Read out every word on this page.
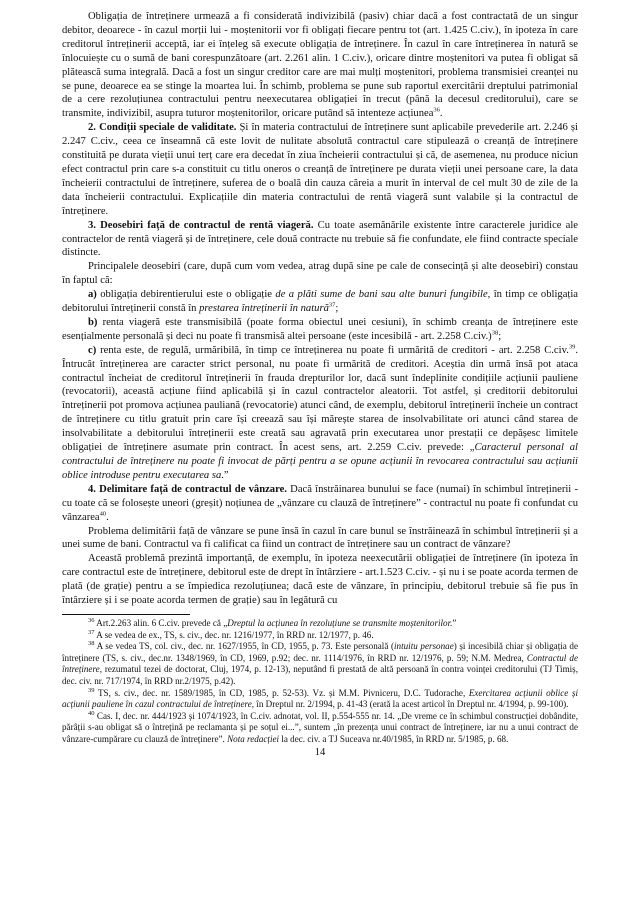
Obligația de întreținere urmează a fi considerată indivizibilă (pasiv) chiar dacă a fost contractată de un singur debitor, deoarece - în cazul morții lui - moștenitorii vor fi obligați fiecare pentru tot (art. 1.425 C.civ.), în ipoteza în care creditorul întreținerii acceptă, iar ei înțeleg să execute obligația de întreținere. În cazul în care întreținerea în natură se înlocuiește cu o sumă de bani corespunzătoare (art. 2.261 alin. 1 C.civ.), oricare dintre moștenitori va putea fi obligat să plătească suma integrală. Dacă a fost un singur creditor care are mai mulți moștenitori, problema transmisiei creanței nu se pune, deoarece ea se stinge la moartea lui. În schimb, problema se pune sub raportul exercitării dreptului patrimonial de a cere rezoluțiunea contractului pentru neexecutarea obligației în trecut (până la decesul creditorului), care se transmite, indivizibil, asupra tuturor moștenitorilor, oricare putând să intenteze acțiunea$^{36}$.

2. Condiții speciale de validitate. Și în materia contractului de întreținere sunt aplicabile prevederile art. 2.246 și 2.247 C.civ., ceea ce înseamnă că este lovit de nulitate absolută contractul care stipulează o creanță de întreținere constituită pe durata vieții unui terț care era decedat în ziua încheierii contractului și că, de asemenea, nu produce niciun efect contractul prin care s-a constituit cu titlu oneros o creanță de întreținere pe durata vieții unei persoane care, la data încheierii contractului de întreținere, suferea de o boală din cauza căreia a murit în interval de cel mult 30 de zile de la data încheierii contractului. Explicațiile din materia contractului de rentă viageră sunt valabile și la contractul de întreținere.

3. Deosebiri față de contractul de rentă viageră. Cu toate asemănările existente între caracterele juridice ale contractelor de rentă viageră și de întreținere, cele două contracte nu trebuie să fie confundate, ele fiind contracte speciale distincte.

Principalele deosebiri (care, după cum vom vedea, atrag după sine pe cale de consecință și alte deosebiri) constau în faptul că:

a) obligația debirentierului este o obligație de a plăti sume de bani sau alte bunuri fungibile, în timp ce obligația debitorului întreținerii constă în prestarea întreținerii în natură$^{37}$;

b) renta viageră este transmisibilă (poate forma obiectul unei cesiuni), în schimb creanța de întreținere este esențialmente personală și deci nu poate fi transmisă altei persoane (este incesibilă - art. 2.258 C.civ.)$^{38}$;

c) renta este, de regulă, urmăribilă, în timp ce întreținerea nu poate fi urmărită de creditori - art. 2.258 C.civ.$^{39}$. Întrucât întreținerea are caracter strict personal, nu poate fi urmărită de creditori. Aceștia din urmă însă pot ataca contractul încheiat de creditorul întreținerii în frauda drepturilor lor, dacă sunt îndeplinite condițiile acțiunii pauliene (revocatorii), această acțiune fiind aplicabilă și în cazul contractelor aleatorii. Tot astfel, și creditorii debitorului întreținerii pot promova acțiunea pauliană (revocatorie) atunci când, de exemplu, debitorul întreținerii încheie un contract de întreținere cu titlu gratuit prin care își creează sau își mărește starea de insolvabilitate ori atunci când starea de insolvabilitate a debitorului întreținerii este creată sau agravată prin executarea unor prestații ce depășesc limitele obligației de întreținere asumate prin contract. În acest sens, art. 2.259 C.civ. prevede: „Caracterul personal al contractului de întreținere nu poate fi invocat de părți pentru a se opune acțiunii în revocarea contractului sau acțiunii oblice introduse pentru executarea sa.”

4. Delimitare față de contractul de vânzare. Dacă înstrăinarea bunului se face (numai) în schimbul întreținerii - cu toate că se folosește uneori (greșit) noțiunea de „vânzare cu clauză de întreținere” - contractul nu poate fi confundat cu vânzarea$^{40}$.

Problema delimitării față de vânzare se pune însă în cazul în care bunul se înstrăinează în schimbul întreținerii și a unei sume de bani. Contractul va fi calificat ca fiind un contract de întreținere sau un contract de vânzare?

Această problemă prezintă importanță, de exemplu, în ipoteza neexecutării obligației de întreținere (în ipoteza în care contractul este de întreținere, debitorul este de drept în întârziere - art.1.523 C.civ. - și nu i se poate acorda termen de plată (de grație) pentru a se împiedica rezoluțiunea; dacă este de vânzare, în principiu, debitorul trebuie să fie pus în întârziere și i se poate acorda termen de grație) sau în legătură cu

$^{36}$ Art.2.263 alin. 6 C.civ. prevede că „Dreptul la acțiunea în rezoluțiune se transmite moștenitorilor.”

$^{37}$ A se vedea de ex., TS, s. civ., dec. nr. 1216/1977, în RRD nr. 12/1977, p. 46.

$^{38}$ A se vedea TS, col. civ., dec. nr. 1627/1955, în CD, 1955, p. 73. Este personală (intuitu personae) și incesibilă chiar și obligația de întreținere (TS, s. civ., dec.nr. 1348/1969, în CD, 1969, p.92; dec. nr. 1114/1976, în RRD nr. 12/1976, p. 59; N.M. Medrea, Contractul de întreținere, rezumatul tezei de doctorat, Cluj, 1974, p. 12-13), neputând fi prestată de altă persoană în contra voinței creditorului (TJ Timiș, dec. civ. nr. 717/1974, în RRD nr.2/1975, p.42).

$^{39}$ TS, s. civ., dec. nr. 1589/1985, în CD, 1985, p. 52-53). Vz. și M.M. Pivniceru, D.C. Tudorache, Exercitarea acțiunii oblice și acțiunii pauliene în cazul contractului de întreținere, în Dreptul nr. 2/1994, p. 41-43 (erată la acest articol în Dreptul nr. 4/1994, p. 99-100).

$^{40}$ Cas. I, dec. nr. 444/1923 și 1074/1923, în C.civ. adnotat, vol. II, p.554-555 nr. 14. „De vreme ce în schimbul construcției dobândite, părâții s-au obligat să o întrețină pe reclamanta și pe soțul ei...”, suntem „în prezența unui contract de întreținere, iar nu a unui contract de vânzare-cumpărare cu clauză de întreținere”. Nota redacției la dec. civ. a TJ Suceava nr.40/1985, în RRD nr. 5/1985, p. 68.

14
